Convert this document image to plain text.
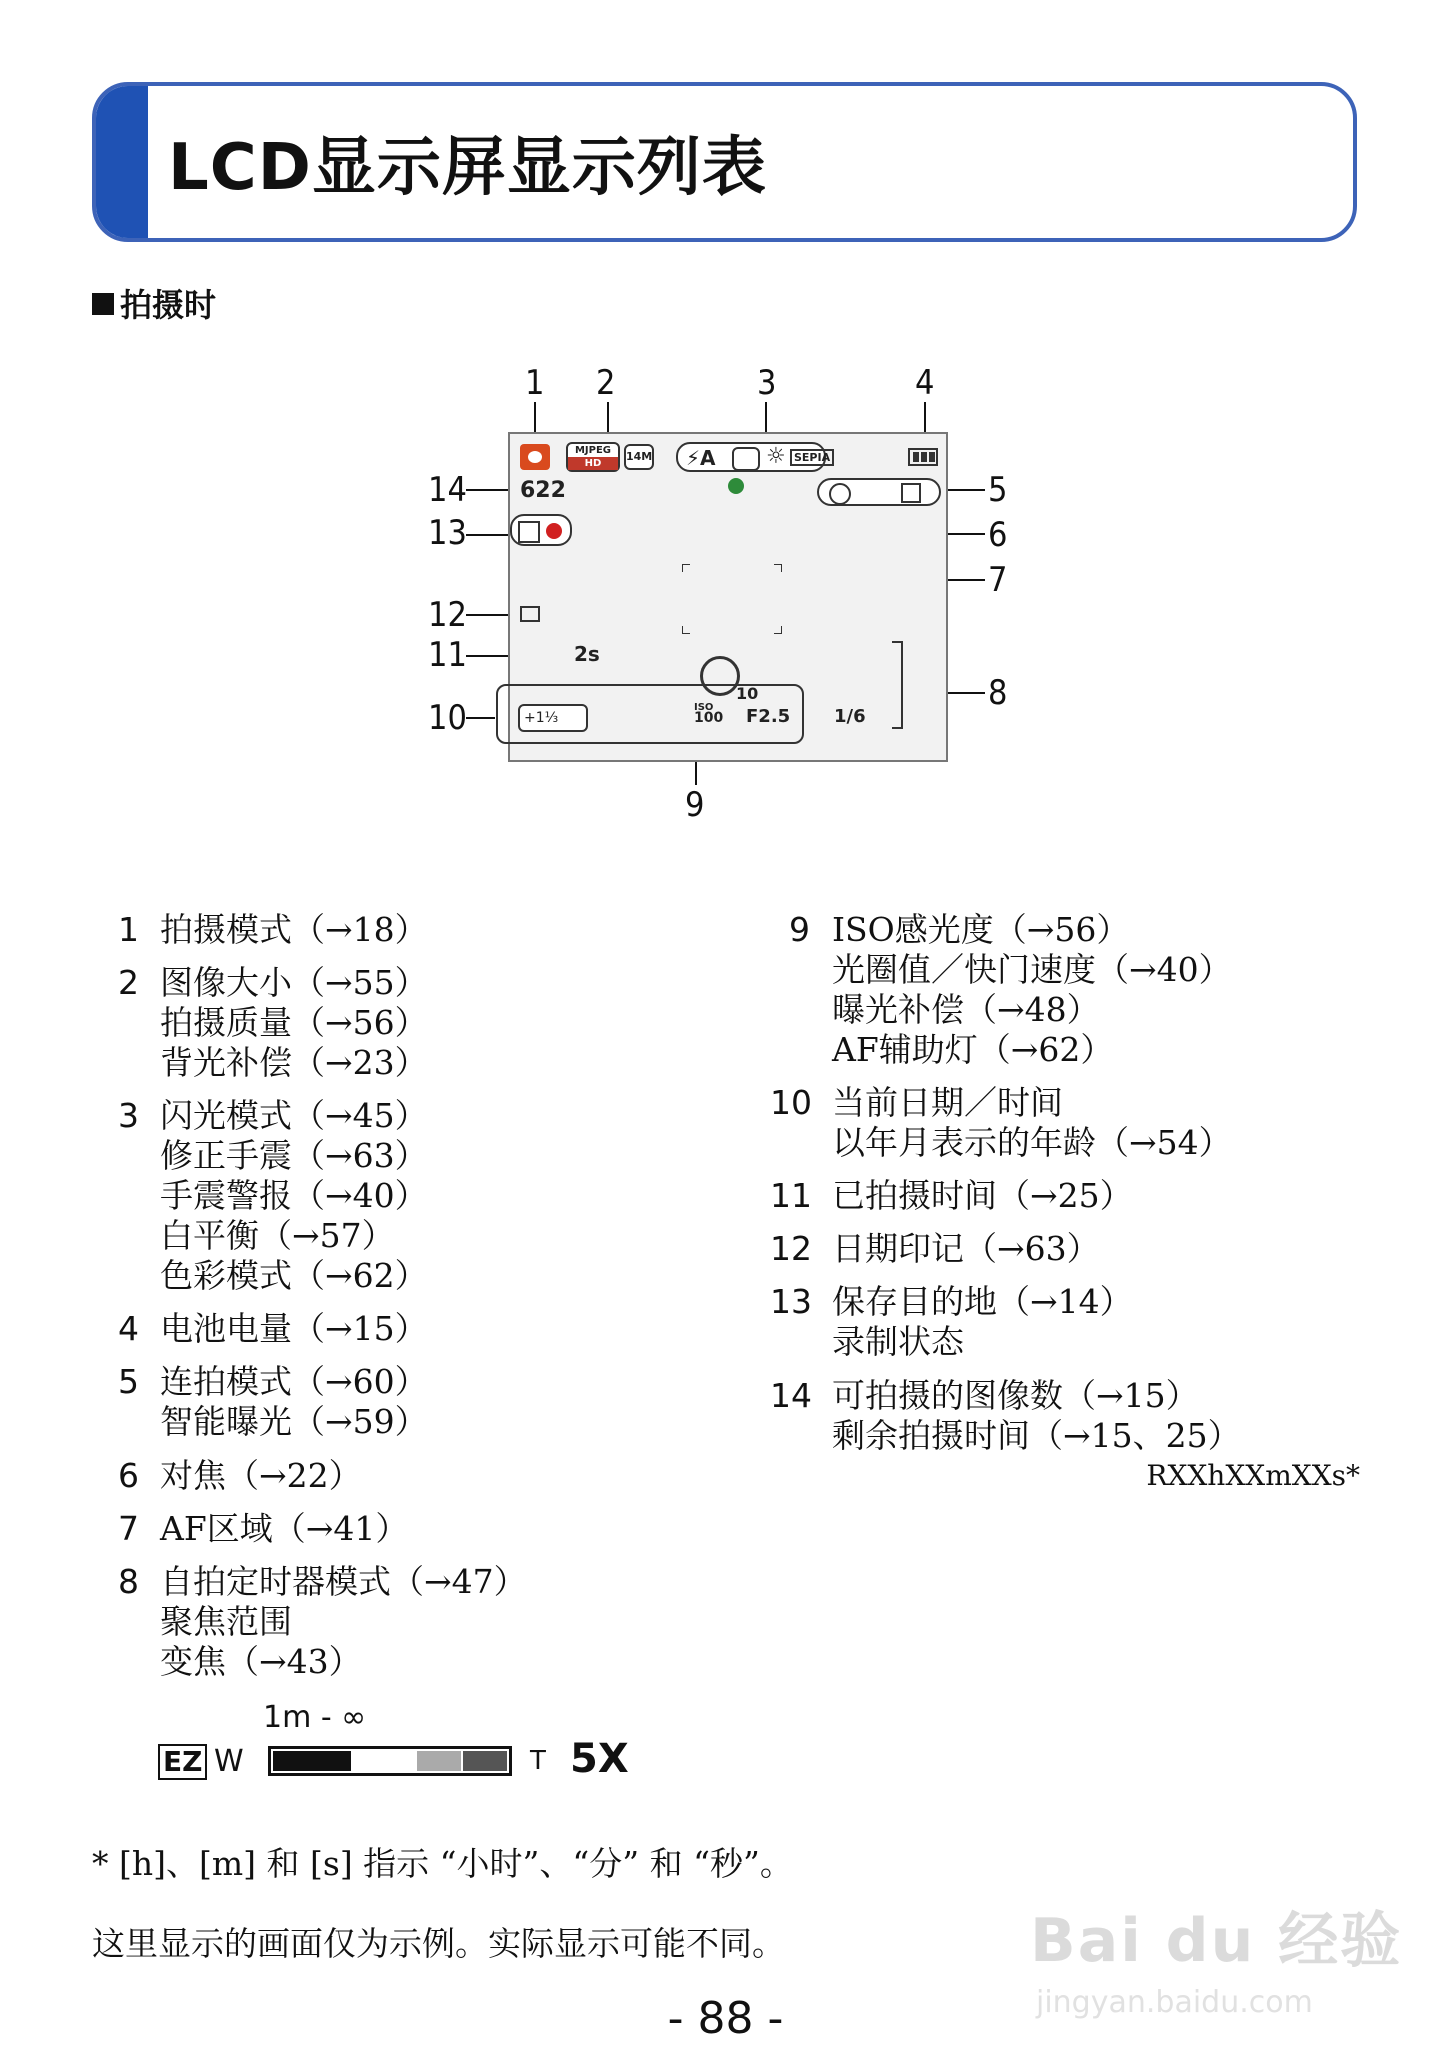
LCD显示屏显示列表
拍摄时
1 2	3	4
5
6
7
8
9
10
11
12
13
14
MJPEG
HD
14M ⚡A ☼ SEPIA
622
2s
10
+1⅓
ISO
100 F2.5 1/6
1 拍摄模式（→18）
2 图像大小（→55）
拍摄质量（→56）
背光补偿（→23）
3 闪光模式（→45）
修正手震（→63）
手震警报（→40）
白平衡（→57）
色彩模式（→62）
4 电池电量（→15）
5 连拍模式（→60）
智能曝光（→59）
6 对焦（→22）
7 AF区域（→41）
8 自拍定时器模式（→47）
聚焦范围
变焦（→43）
1m - ∞
EZ W	T 5X
9 ISO感光度（→56）
光圈值／快门速度（→40）
曝光补偿（→48）
AF辅助灯（→62）
10 当前日期／时间
以年月表示的年龄（→54）
11 已拍摄时间（→25）
12 日期印记（→63）
13 保存目的地（→14）
录制状态
14 可拍摄的图像数（→15）
剩余拍摄时间（→15、25）
RXXhXXmXXs*
* [h]、[m] 和 [s] 指示 “小时”、“分” 和 “秒”。
这里显示的画面仅为示例。实际显示可能不同。
- 88 -
Bai du 经验
jingyan.baidu.com
